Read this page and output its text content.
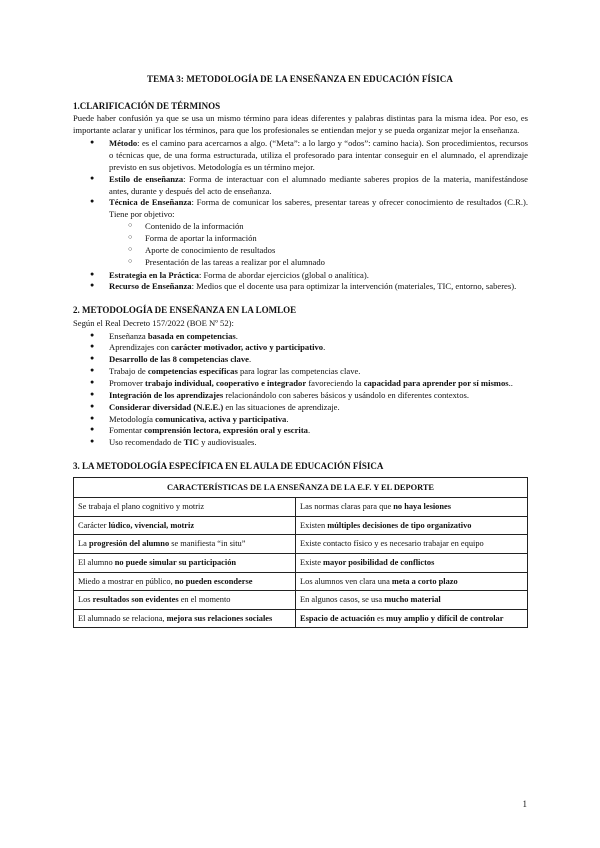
TEMA 3: METODOLOGÍA DE LA ENSEÑANZA EN EDUCACIÓN FÍSICA
1.CLARIFICACIÓN DE TÉRMINOS

Puede haber confusión ya que se usa un mismo término para ideas diferentes y palabras distintas para la misma idea. Por eso, es importante aclarar y unificar los términos, para que los profesionales se entiendan mejor y se pueda organizar mejor la enseñanza.

● Método: es el camino para acercarnos a algo. (“Meta”: a lo largo y “odos”: camino hacia). Son procedimientos, recursos o técnicas que, de una forma estructurada, utiliza el profesorado para intentar conseguir en el alumnado, el aprendizaje previsto en sus objetivos. Metodología es un término mejor.
● Estilo de enseñanza: Forma de interactuar con el alumnado mediante saberes propios de la materia, manifestándose antes, durante y después del acto de enseñanza.
● Técnica de Enseñanza: Forma de comunicar los saberes, presentar tareas y ofrecer conocimiento de resultados (C.R.). Tiene por objetivo:
○ Contenido de la información
○ Forma de aportar la información
○ Aporte de conocimiento de resultados
○ Presentación de las tareas a realizar por el alumnado
● Estrategia en la Práctica: Forma de abordar ejercicios (global o analítica).
● Recurso de Enseñanza: Medios que el docente usa para optimizar la intervención (materiales, TIC, entorno, saberes).
2. METODOLOGÍA DE ENSEÑANZA EN LA LOMLOE

Según el Real Decreto 157/2022 (BOE Nº 52):

● Enseñanza basada en competencias.
● Aprendizajes con carácter motivador, activo y participativo.
● Desarrollo de las 8 competencias clave.
● Trabajo de competencias específicas para lograr las competencias clave.
● Promover trabajo individual, cooperativo e integrador favoreciendo la capacidad para aprender por sí mismos..
● Integración de los aprendizajes relacionándolo con saberes básicos y usándolo en diferentes contextos.
● Considerar diversidad (N.E.E.) en las situaciones de aprendizaje.
● Metodología comunicativa, activa y participativa.
● Fomentar comprensión lectora, expresión oral y escrita.
● Uso recomendado de TIC y audiovisuales.
3. LA METODOLOGÍA ESPECÍFICA EN EL AULA DE EDUCACIÓN FÍSICA
CARACTERÍSTICAS DE LA ENSEÑANZA DE LA E.F. Y EL DEPORTE	
Se trabaja el plano cognitivo y motriz	Las normas claras para que no haya lesiones
Carácter lúdico, vivencial, motriz	Existen múltiples decisiones de tipo organizativo
La progresión del alumno se manifiesta “in situ”	Existe contacto físico y es necesario trabajar en equipo
El alumno no puede simular su participación	Existe mayor posibilidad de conflictos
Miedo a mostrar en público, no pueden esconderse	Los alumnos ven clara una meta a corto plazo
Los resultados son evidentes en el momento	En algunos casos, se usa mucho material
El alumnado se relaciona, mejora sus relaciones sociales	Espacio de actuación es muy amplio y difícil de controlar
1
